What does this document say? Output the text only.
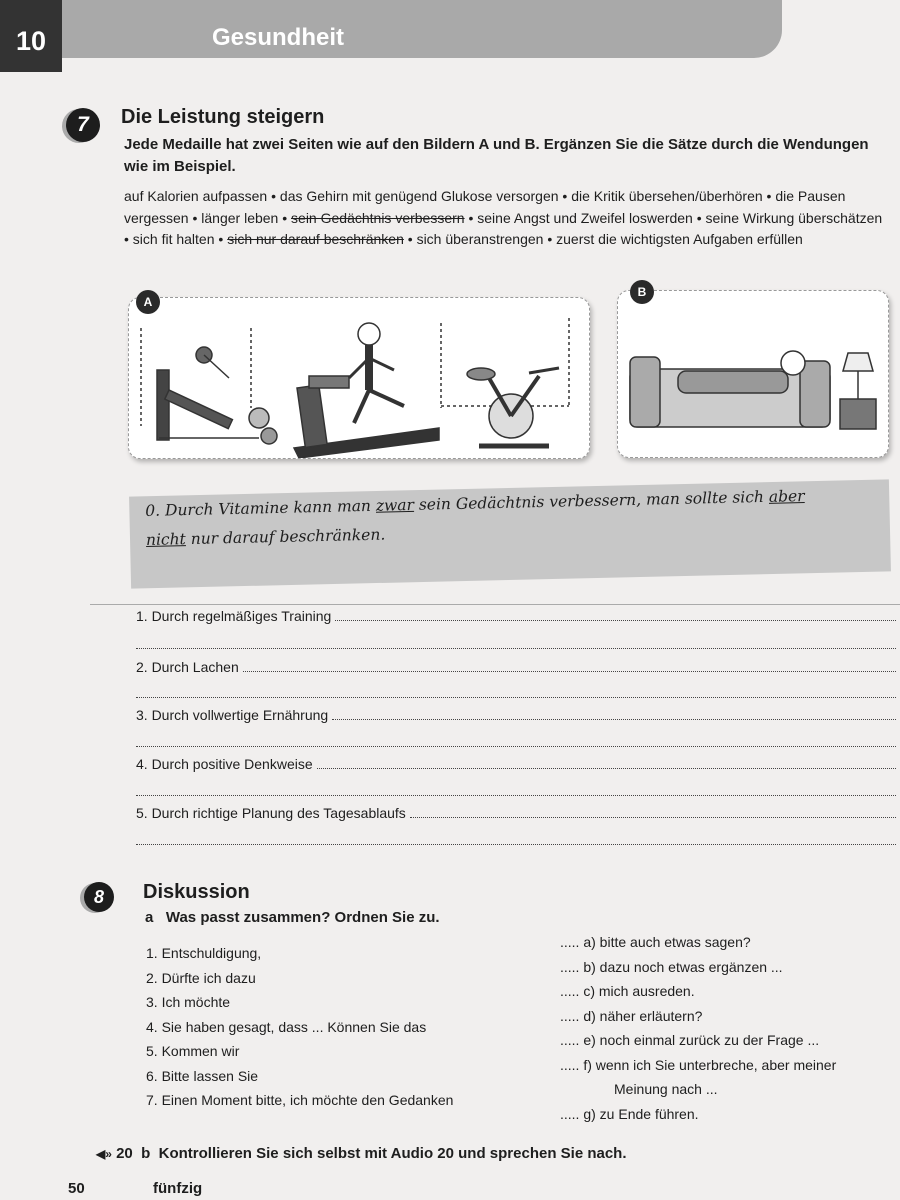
10	Gesundheit
7	Die Leistung steigern
Jede Medaille hat zwei Seiten wie auf den Bildern A und B. Ergänzen Sie die Sätze durch die Wendungen wie im Beispiel.
auf Kalorien aufpassen • das Gehirn mit genügend Glukose versorgen • die Kritik übersehen/überhören • die Pausen vergessen • länger leben • sein Gedächtnis verbessern • seine Angst und Zweifel loswerden • seine Wirkung überschätzen • sich fit halten • sich nur darauf beschränken • sich überanstrengen • zuerst die wichtigsten Aufgaben erfüllen
A
B
0. Durch Vitamine kann man zwar sein Gedächtnis verbessern, man sollte sich aber
nicht nur darauf beschränken.
1. Durch regelmäßiges Training
2. Durch Lachen
3. Durch vollwertige Ernährung
4. Durch positive Denkweise
5. Durch richtige Planung des Tagesablaufs
8	Diskussion
a Was passt zusammen? Ordnen Sie zu.
1. Entschuldigung,
2. Dürfte ich dazu
3. Ich möchte
4. Sie haben gesagt, dass ... Können Sie das
5. Kommen wir
6. Bitte lassen Sie
7. Einen Moment bitte, ich möchte den Gedanken
..... a) bitte auch etwas sagen?
..... b) dazu noch etwas ergänzen ...
..... c) mich ausreden.
..... d) näher erläutern?
..... e) noch einmal zurück zu der Frage ...
..... f) wenn ich Sie unterbreche, aber meiner
Meinung nach ...
..... g) zu Ende führen.
◀» 20 b Kontrollieren Sie sich selbst mit Audio 20 und sprechen Sie nach.
50	fünfzig
